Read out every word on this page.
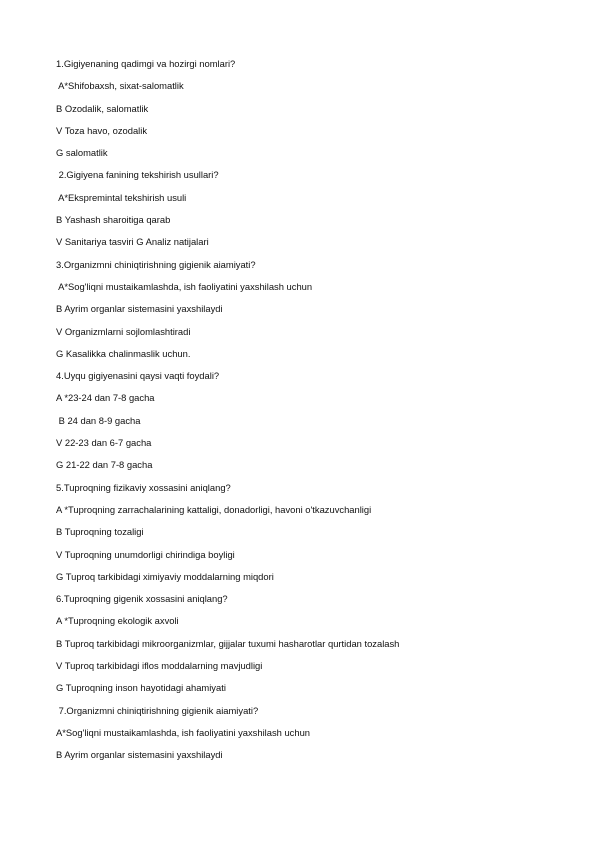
1.Gigiyenaning qadimgi va hozirgi nomlari?
A*Shifobaxsh, sixat-salomatlik
B Ozodalik, salomatlik
V Toza havo, ozodalik
G salomatlik
2.Gigiyena fanining tekshirish usullari?
A*Ekspremintal tekshirish usuli
B Yashash sharoitiga qarab
V Sanitariya tasviri G Analiz natijalari
3.Organizmni chiniqtirishning gigienik aiamiyati?
A*Sog'liqni mustaikamlashda, ish faoliyatini yaxshilash uchun
B Ayrim organlar sistemasini yaxshilaydi
V Organizmlarni sojlomlashtiradi
G Kasalikka chalinmaslik uchun.
4.Uyqu gigiyenasini qaysi vaqti foydali?
A *23-24 dan 7-8 gacha
B 24 dan 8-9 gacha
V 22-23 dan 6-7 gacha
G 21-22 dan 7-8 gacha
5.Tuproqning fizikaviy xossasini aniqlang?
A *Tuproqning zarrachalarining kattaligi, donadorligi, havoni o'tkazuvchanligi
B Tuproqning tozaligi
V Tuproqning unumdorligi chirindiga boyligi
G Tuproq tarkibidagi ximiyaviy moddalarning miqdori
6.Tuproqning gigenik xossasini aniqlang?
A *Tuproqning ekologik axvoli
B Tuproq tarkibidagi mikroorganizmlar, gijjalar tuxumi hasharotlar qurtidan tozalash
V Tuproq tarkibidagi iflos moddalarning mavjudligi
G Tuproqning inson hayotidagi ahamiyati
7.Organizmni chiniqtirishning gigienik aiamiyati?
A*Sog'liqni mustaikamlashda, ish faoliyatini yaxshilash uchun
B Ayrim organlar sistemasini yaxshilaydi
